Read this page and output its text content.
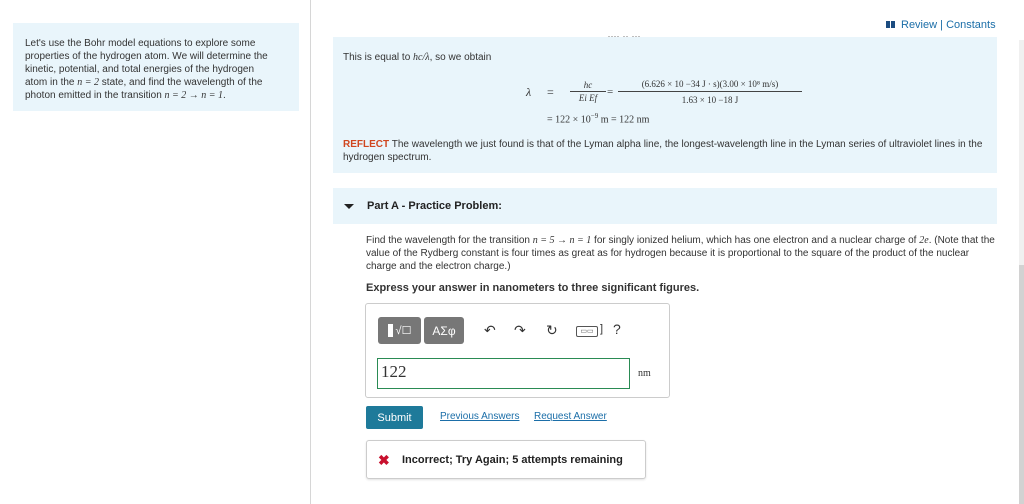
Let's use the Bohr model equations to explore some
properties of the hydrogen atom. We will determine the
kinetic, potential, and total energies of the hydrogen
atom in the n = 2 state, and find the wavelength of the
photon emitted in the transition n = 2 → n = 1.
Review | Constants
.... .. ...
This is equal to hc/λ, so we obtain
$\lambda = \frac{hc}{\text{Ei Ef}} = \frac{\text{(6.626 × 10 −34 J · s)(3.00 × 10⁸ m/s)}}{1.63 \times 10 -18 J}$
= $122 \times 10^{-9}$ m = 122 nm
REFLECT The wavelength we just found is that of the Lyman alpha line, the longest-wavelength line in the Lyman series of ultraviolet lines in the hydrogen spectrum.
Part A - Practice Problem:
Find the wavelength for the transition n = 5 → n = 1 for singly ionized helium, which has one electron and a nuclear charge of 2e. (Note that the value of the Rydberg constant is four times as great as for hydrogen because it is proportional to the square of the product of the nuclear charge and the electron charge.)
Express your answer in nanometers to three significant figures.
√☐	ΑΣφ	↶ ↷ ↻	▭▭ ] ?
122	nm
Submit	Previous Answers Request Answer
✖ Incorrect; Try Again; 5 attempts remaining
